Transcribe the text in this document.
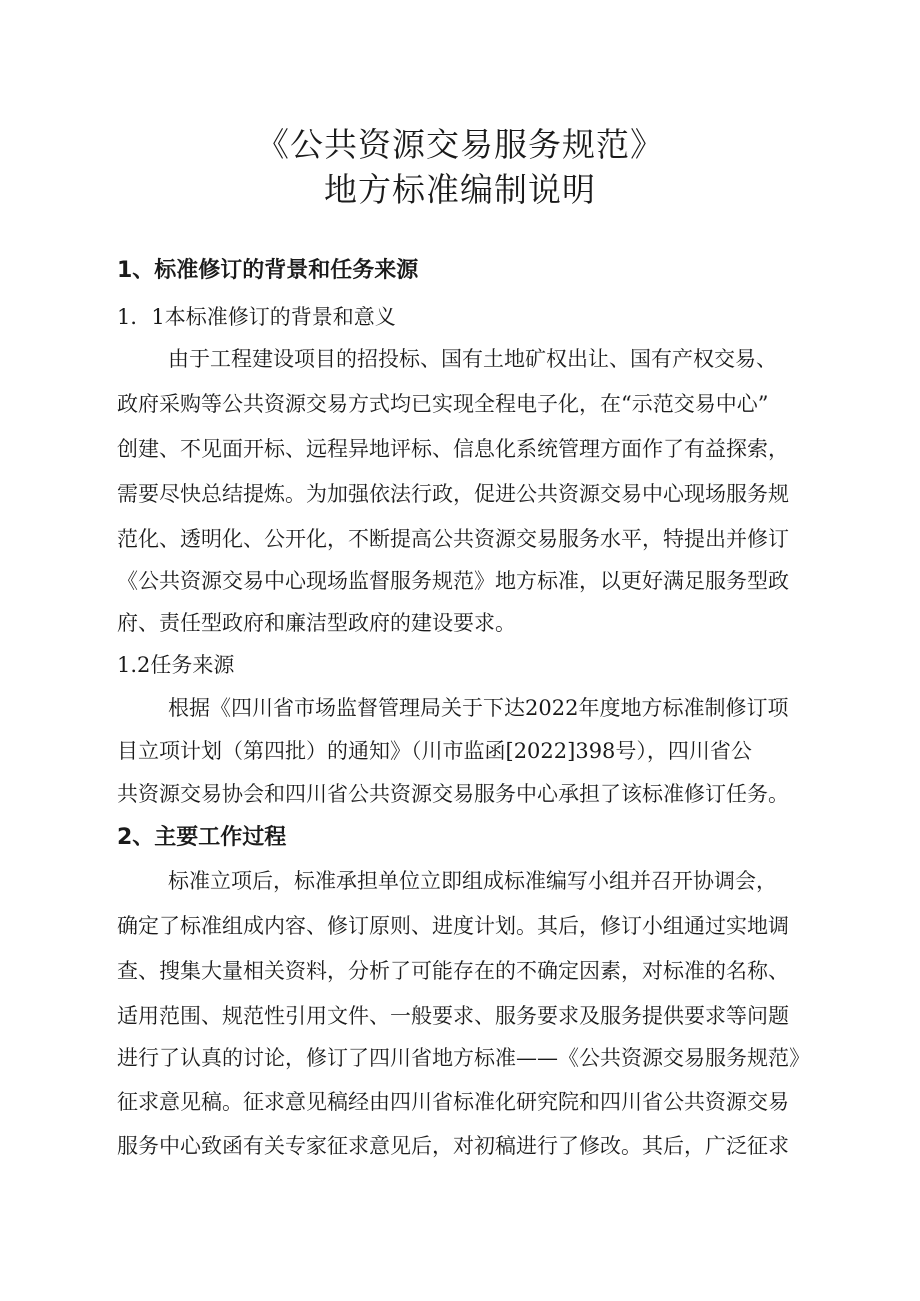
《公共资源交易服务规范》
地方标准编制说明
1、标准修订的背景和任务来源
1．1本标准修订的背景和意义
由于工程建设项目的招投标、国有土地矿权出让、国有产权交易、
政府采购等公共资源交易方式均已实现全程电子化，在“示范交易中心”
创建、不见面开标、远程异地评标、信息化系统管理方面作了有益探索，
需要尽快总结提炼。为加强依法行政，促进公共资源交易中心现场服务规
范化、透明化、公开化，不断提高公共资源交易服务水平，特提出并修订
《公共资源交易中心现场监督服务规范》地方标准，以更好满足服务型政
府、责任型政府和廉洁型政府的建设要求。
1.2任务来源
根据《四川省市场监督管理局关于下达2022年度地方标准制修订项
目立项计划（第四批）的通知》（川市监函[2022]398号），四川省公
共资源交易协会和四川省公共资源交易服务中心承担了该标准修订任务。
2、主要工作过程
标准立项后，标准承担单位立即组成标准编写小组并召开协调会，
确定了标准组成内容、修订原则、进度计划。其后，修订小组通过实地调
查、搜集大量相关资料，分析了可能存在的不确定因素，对标准的名称、
适用范围、规范性引用文件、一般要求、服务要求及服务提供要求等问题
进行了认真的讨论，修订了四川省地方标准——《公共资源交易服务规范》
征求意见稿。征求意见稿经由四川省标准化研究院和四川省公共资源交易
服务中心致函有关专家征求意见后，对初稿进行了修改。其后，广泛征求
